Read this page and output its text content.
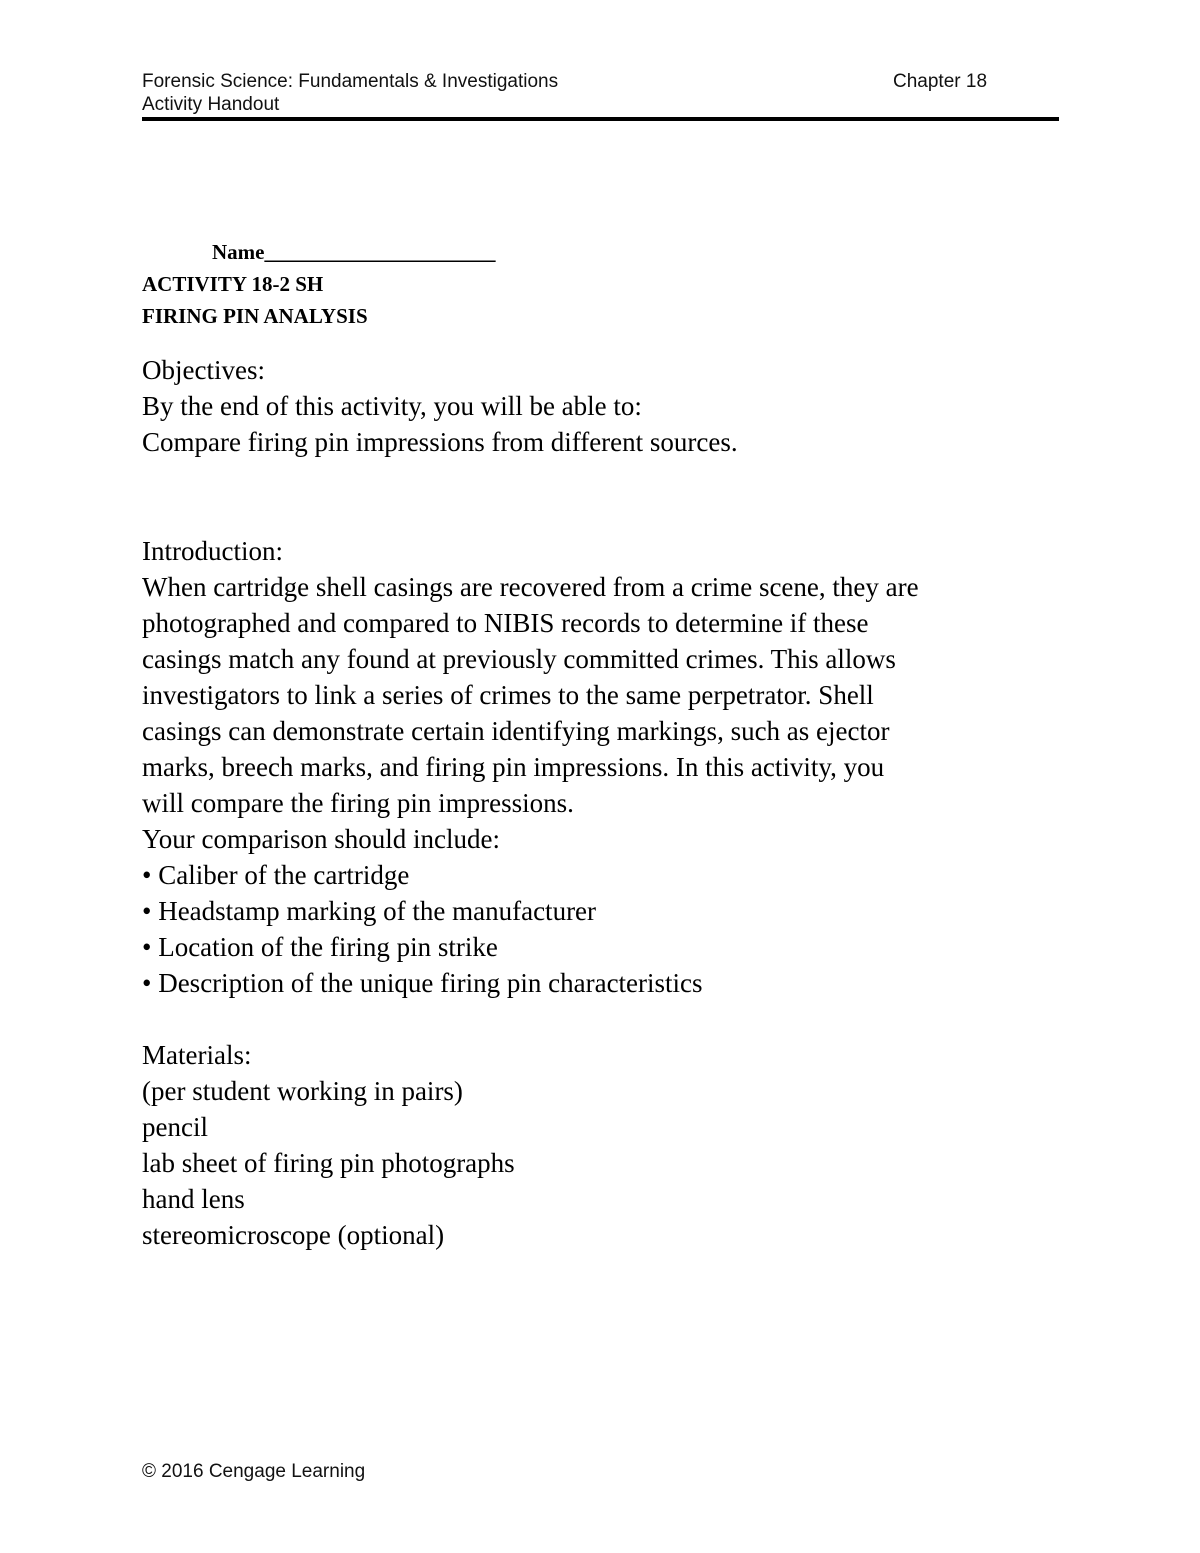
Forensic Science: Fundamentals & Investigations	Chapter 18
Activity Handout
Name______________________
ACTIVITY 18-2 SH
FIRING PIN ANALYSIS
Objectives:
By the end of this activity, you will be able to:
Compare firing pin impressions from different sources.
Introduction:
When cartridge shell casings are recovered from a crime scene, they are
photographed and compared to NIBIS records to determine if these
casings match any found at previously committed crimes. This allows
investigators to link a series of crimes to the same perpetrator. Shell
casings can demonstrate certain identifying markings, such as ejector
marks, breech marks, and firing pin impressions. In this activity, you
will compare the firing pin impressions.
Your comparison should include:
• Caliber of the cartridge
• Headstamp marking of the manufacturer
• Location of the firing pin strike
• Description of the unique firing pin characteristics
Materials:
(per student working in pairs)
pencil
lab sheet of firing pin photographs
hand lens
stereomicroscope (optional)
© 2016 Cengage Learning
